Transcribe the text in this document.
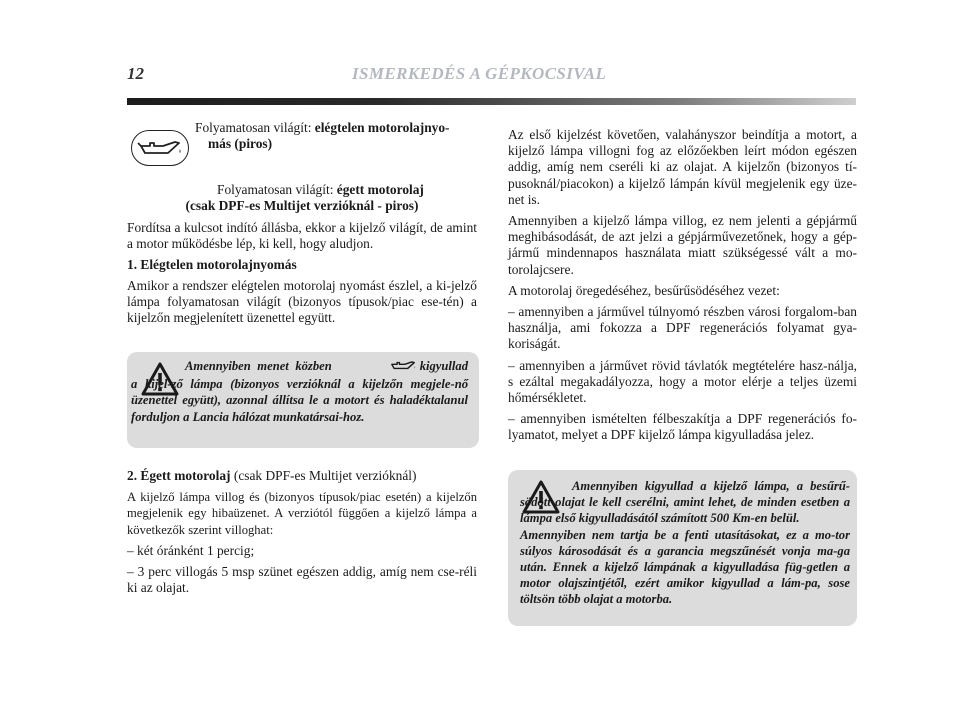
12	ISMERKEDÉS A GÉPKOCSIVAL

Folyamatosan világít: elégtelen motorolajnyo-

más (piros)

Folyamatosan világít: égett motorolaj

(csak DPF-es Multijet verzióknál - piros)

Fordítsa a kulcsot indító állásba, ekkor a kijelző világít, de amint a motor működésbe lép, ki kell, hogy aludjon.

1. Elégtelen motorolajnyomás

Amikor a rendszer elégtelen motorolaj nyomást észlel, a ki-jelző lámpa folyamatosan világít (bizonyos típusok/piac ese-tén) a kijelzőn megjelenített üzenettel együtt.

Amennyiben menet közben	kigyullad a kijel-ző lámpa (bizonyos verzióknál a kijelzőn megjele-nő üzenettel együtt), azonnal állítsa le a motort és haladéktalanul forduljon a Lancia hálózat munkatársai-hoz.

2. Égett motorolaj (csak DPF-es Multijet verzióknál)

A kijelző lámpa villog és (bizonyos típusok/piac esetén) a kijelzőn megjelenik egy hibaüzenet. A verziótól függően a kijelző lámpa a következők szerint villoghat:

– két óránként 1 percig;

– 3 perc villogás 5 msp szünet egészen addig, amíg nem cse-réli ki az olajat.

Az első kijelzést követően, valahányszor beindítja a motort, a kijelző lámpa villogni fog az előzőekben leírt módon egészen addig, amíg nem cseréli ki az olajat. A kijelzőn (bizonyos tí-pusoknál/piacokon) a kijelző lámpán kívül megjelenik egy üze-net is.

Amennyiben a kijelző lámpa villog, ez nem jelenti a gépjármű meghibásodását, de azt jelzi a gépjárművezetőnek, hogy a gép-jármű mindennapos használata miatt szükségessé vált a mo-torolajcsere.

A motorolaj öregedéséhez, besűrűsödéséhez vezet:

– amennyiben a járművel túlnyomó részben városi forgalom-ban használja, ami fokozza a DPF regenerációs folyamat gya-koriságát.

– amennyiben a járművet rövid távlatók megtételére hasz-nálja, s ezáltal megakadályozza, hogy a motor elérje a teljes üzemi hőmérsékletet.

– amennyiben ismételten félbeszakítja a DPF regenerációs fo-lyamatot, melyet a DPF kijelző lámpa kigyulladása jelez.

Amennyiben kigyullad a kijelző lámpa, a besűrű-södött olajat le kell cserélni, amint lehet, de minden esetben a lámpa első kigyulladásától számított 500 Km-en belül.
Amennyiben nem tartja be a fenti utasításokat, ez a mo-tor súlyos károsodását és a garancia megszűnését vonja ma-ga után. Ennek a kijelző lámpának a kigyulladása füg-getlen a motor olajszintjétől, ezért amikor kigyullad a lám-pa, sose töltsön több olajat a motorba.
